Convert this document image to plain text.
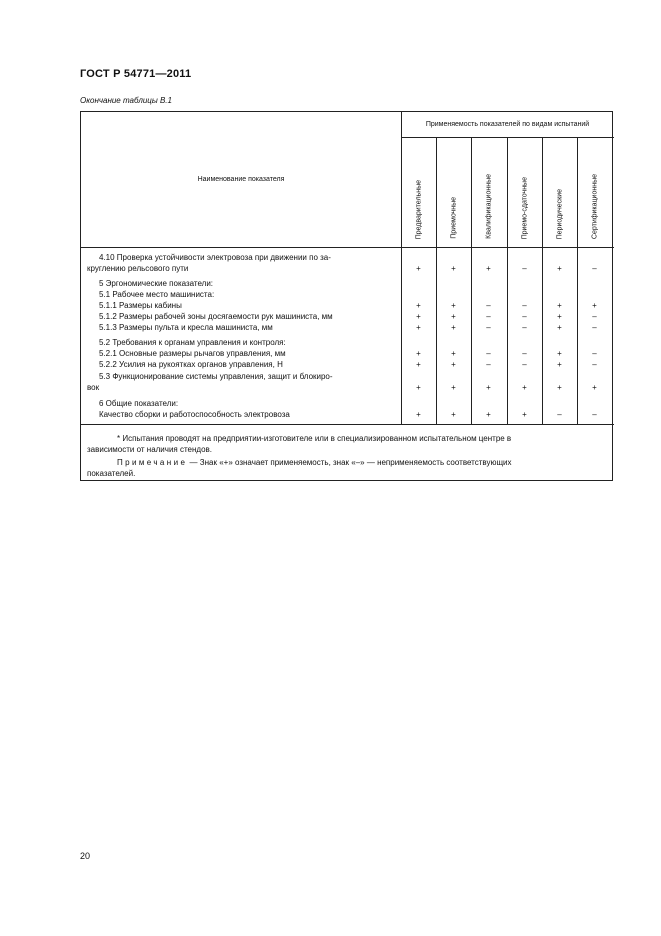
ГОСТ Р 54771—2011
Окончание таблицы В.1
Наименование показателя
Применяемость показателей по видам испытаний
Предварительные	Приемочные	Квалификационные	Приемо-сдаточные	Периодические	Сертификационные
4.10 Проверка устойчивости электровоза при движении по за-
круглению рельсового пути	+	+	+	–	+	–
5 Эргономические показатели:
5.1 Рабочее место машиниста:
5.1.1 Размеры кабины	+	+	–	–	+	+
5.1.2 Размеры рабочей зоны досягаемости рук машиниста, мм	+	+	–	–	+	–
5.1.3 Размеры пульта и кресла машиниста, мм	+	+	–	–	+	–
5.2 Требования к органам управления и контроля:
5.2.1 Основные размеры рычагов управления, мм	+	+	–	–	+	–
5.2.2 Усилия на рукоятках органов управления, Н	+	+	–	–	+	–
5.3 Функционирование системы управления, защит и блокиро-
вок	+	+	+	+	+	+
6 Общие показатели:
Качество сборки и работоспособность электровоза	+	+	+	+	–	–
* Испытания проводят на предприятии-изготовителе или в специализированном испытательном центре в
зависимости от наличия стендов.
Примечание — Знак «+» означает применяемость, знак «–» — неприменяемость соответствующих
показателей.
20
